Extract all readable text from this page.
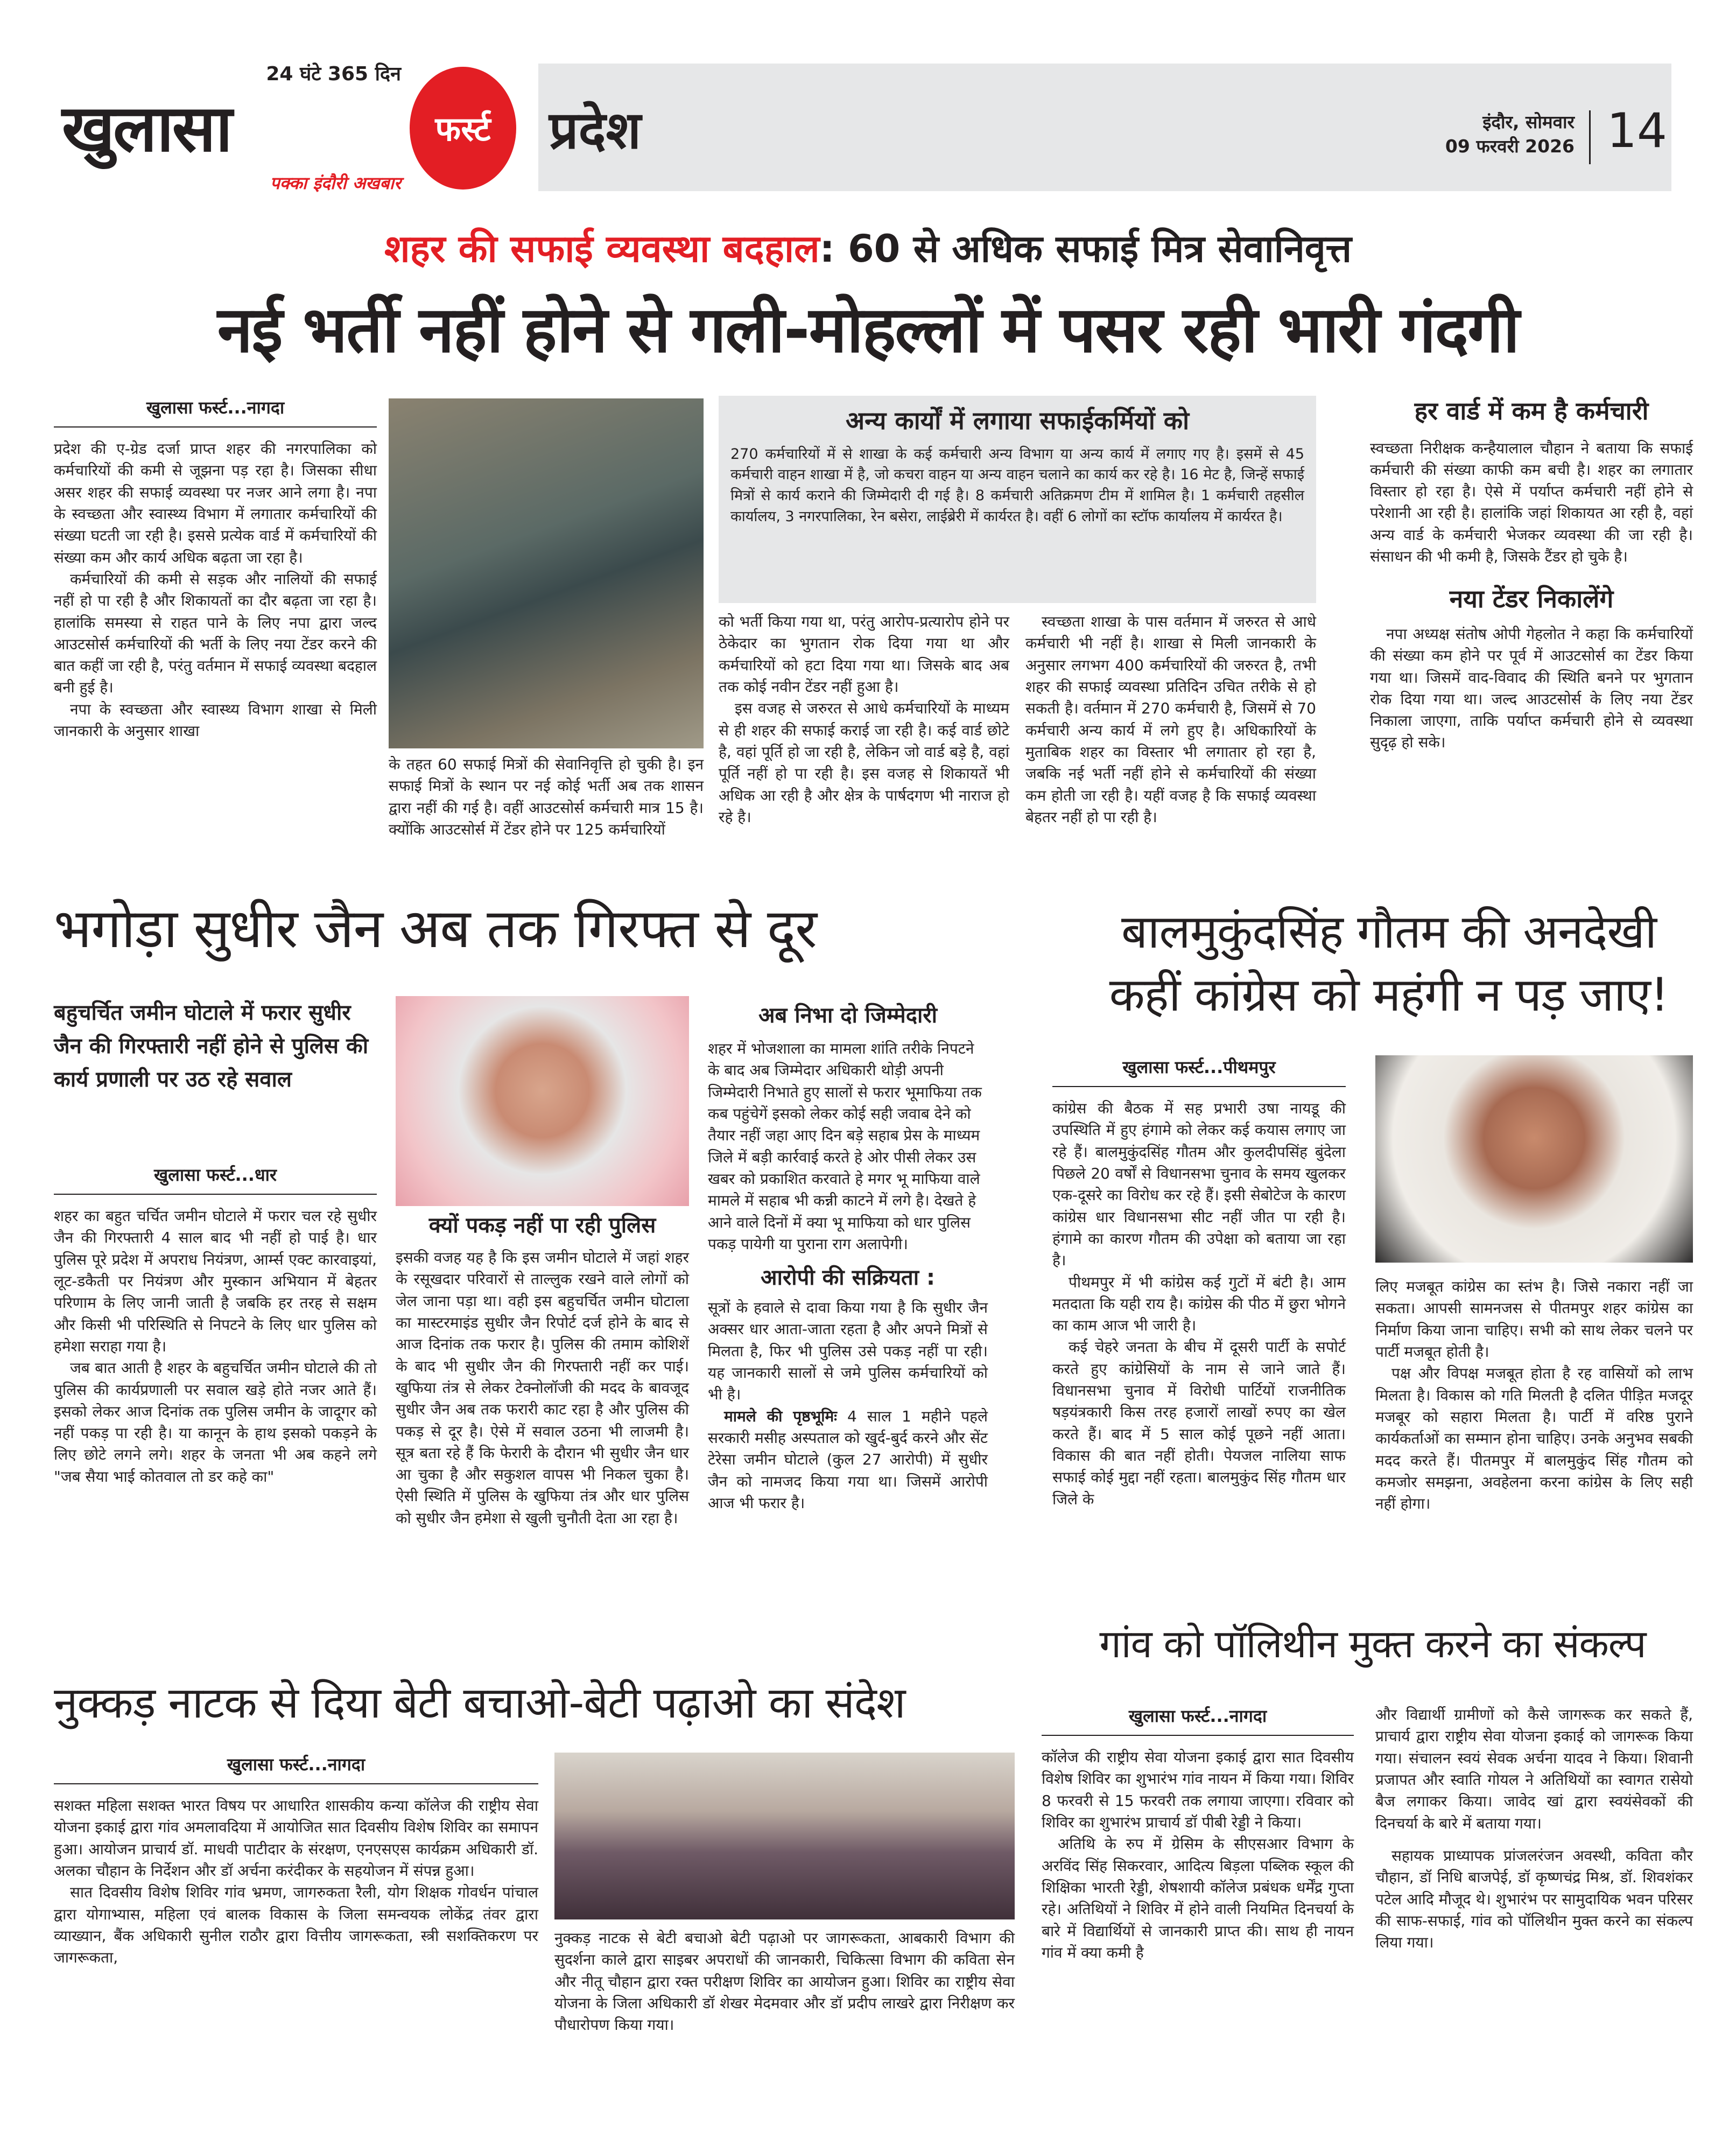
24 घंटे 365 दिन
खुलासा
पक्का इंदौरी अखबार
फर्स्ट प्रदेश	इंदौर, सोमवार
09 फरवरी 2026 14
शहर की सफाई व्यवस्था बदहाल: 60 से अधिक सफाई मित्र सेवानिवृत्त
नई भर्ती नहीं होने से गली-मोहल्लों में पसर रही भारी गंदगी
खुलासा फर्स्ट...नागदा

प्रदेश की ए-ग्रेड दर्जा प्राप्त शहर की नगरपालिका को कर्मचारियों की कमी से जूझना पड़ रहा है। जिसका सीधा असर शहर की सफाई व्यवस्था पर नजर आने लगा है। नपा के स्वच्छता और स्वास्थ्य विभाग में लगातार कर्मचारियों की संख्या घटती जा रही है। इससे प्रत्येक वार्ड में कर्मचारियों की संख्या कम और कार्य अधिक बढ़ता जा रहा है।

कर्मचारियों की कमी से सड़क और नालियों की सफाई नहीं हो पा रही है और शिकायतों का दौर बढ़ता जा रहा है। हालांकि समस्या से राहत पाने के लिए नपा द्वारा जल्द आउटसोर्स कर्मचारियों की भर्ती के लिए नया टेंडर करने की बात कहीं जा रही है, परंतु वर्तमान में सफाई व्यवस्था बदहाल बनी हुई है।

नपा के स्वच्छता और स्वास्थ्य विभाग शाखा से मिली जानकारी के अनुसार शाखा

के तहत 60 सफाई मित्रों की सेवानिवृत्ति हो चुकी है। इन सफाई मित्रों के स्थान पर नई कोई भर्ती अब तक शासन द्वारा नहीं की गई है। वहीं आउटसोर्स कर्मचारी मात्र 15 है। क्योंकि आउटसोर्स में टेंडर होने पर 125 कर्मचारियों

अन्य कार्यों में लगाया सफाईकर्मियों को
270 कर्मचारियों में से शाखा के कई कर्मचारी अन्य विभाग या अन्य कार्य में लगाए गए है। इसमें से 45 कर्मचारी वाहन शाखा में है, जो कचरा वाहन या अन्य वाहन चलाने का कार्य कर रहे है। 16 मेट है, जिन्हें सफाई मित्रों से कार्य कराने की जिम्मेदारी दी गई है। 8 कर्मचारी अतिक्रमण टीम में शामिल है। 1 कर्मचारी तहसील कार्यालय, 3 नगरपालिका, रेन बसेरा, लाईब्रेरी में कार्यरत है। वहीं 6 लोगों का स्टॉफ कार्यालय में कार्यरत है।

को भर्ती किया गया था, परंतु आरोप-प्रत्यारोप होने पर ठेकेदार का भुगतान रोक दिया गया था और कर्मचारियों को हटा दिया गया था। जिसके बाद अब तक कोई नवीन टेंडर नहीं हुआ है।

इस वजह से जरुरत से आधे कर्मचारियों के माध्यम से ही शहर की सफाई कराई जा रही है। कई वार्ड छोटे है, वहां पूर्ति हो जा रही है, लेकिन जो वार्ड बड़े है, वहां पूर्ति नहीं हो पा रही है। इस वजह से शिकायतें भी अधिक आ रही है और क्षेत्र के पार्षदगण भी नाराज हो रहे है।

स्वच्छता शाखा के पास वर्तमान में जरुरत से आधे कर्मचारी भी नहीं है। शाखा से मिली जानकारी के अनुसार लगभग 400 कर्मचारियों की जरुरत है, तभी शहर की सफाई व्यवस्था प्रतिदिन उचित तरीके से हो सकती है। वर्तमान में 270 कर्मचारी है, जिसमें से 70 कर्मचारी अन्य कार्य में लगे हुए है। अधिकारियों के मुताबिक शहर का विस्तार भी लगातार हो रहा है, जबकि नई भर्ती नहीं होने से कर्मचारियों की संख्या कम होती जा रही है। यहीं वजह है कि सफाई व्यवस्था बेहतर नहीं हो पा रही है।

हर वार्ड में कम है कर्मचारी
स्वच्छता निरीक्षक कन्हैयालाल चौहान ने बताया कि सफाई कर्मचारी की संख्या काफी कम बची है। शहर का लगातार विस्तार हो रहा है। ऐसे में पर्याप्त कर्मचारी नहीं होने से परेशानी आ रही है। हालांकि जहां शिकायत आ रही है, वहां अन्य वार्ड के कर्मचारी भेजकर व्यवस्था की जा रही है। संसाधन की भी कमी है, जिसके टैंडर हो चुके है।
नया टेंडर निकालेंगे
नपा अध्यक्ष संतोष ओपी गेहलोत ने कहा कि कर्मचारियों की संख्या कम होने पर पूर्व में आउटसोर्स का टेंडर किया गया था। जिसमें वाद-विवाद की स्थिति बनने पर भुगतान रोक दिया गया था। जल्द आउटसोर्स के लिए नया टेंडर निकाला जाएगा, ताकि पर्याप्त कर्मचारी होने से व्यवस्था सुदृढ़ हो सके।
भगोड़ा सुधीर जैन अब तक गिरफ्त से दूर
बहुचर्चित जमीन घोटाले में फरार सुधीर जैन की गिरफ्तारी नहीं होने से पुलिस की कार्य प्रणाली पर उठ रहे सवाल
खुलासा फर्स्ट...धार

शहर का बहुत चर्चित जमीन घोटाले में फरार चल रहे सुधीर जैन की गिरफ्तारी 4 साल बाद भी नहीं हो पाई है। धार पुलिस पूरे प्रदेश में अपराध नियंत्रण, आर्म्स एक्ट कारवाइयां, लूट-डकैती पर नियंत्रण और मुस्कान अभियान में बेहतर परिणाम के लिए जानी जाती है जबकि हर तरह से सक्षम और किसी भी परिस्थिति से निपटने के लिए धार पुलिस को हमेशा सराहा गया है।

जब बात आती है शहर के बहुचर्चित जमीन घोटाले की तो पुलिस की कार्यप्रणाली पर सवाल खड़े होते नजर आते हैं। इसको लेकर आज दिनांक तक पुलिस जमीन के जादूगर को नहीं पकड़ पा रही है। या कानून के हाथ इसको पकड़ने के लिए छोटे लगने लगे। शहर के जनता भी अब कहने लगे "जब सैया भाई कोतवाल तो डर कहे का"

क्यों पकड़ नहीं पा रही पुलिस
इसकी वजह यह है कि इस जमीन घोटाले में जहां शहर के रसूखदार परिवारों से ताल्लुक रखने वाले लोगों को जेल जाना पड़ा था। वही इस बहुचर्चित जमीन घोटाला का मास्टरमाइंड सुधीर जैन रिपोर्ट दर्ज होने के बाद से आज दिनांक तक फरार है। पुलिस की तमाम कोशिशें के बाद भी सुधीर जैन की गिरफ्तारी नहीं कर पाई। खुफिया तंत्र से लेकर टेक्नोलॉजी की मदद के बावजूद सुधीर जैन अब तक फरारी काट रहा है और पुलिस की पकड़ से दूर है। ऐसे में सवाल उठना भी लाजमी है। सूत्र बता रहे हैं कि फेरारी के दौरान भी सुधीर जैन धार आ चुका है और सकुशल वापस भी निकल चुका है। ऐसी स्थिति में पुलिस के खुफिया तंत्र और धार पुलिस को सुधीर जैन हमेशा से खुली चुनौती देता आ रहा है।
अब निभा दो जिम्मेदारी
शहर में भोजशाला का मामला शांति तरीके निपटने के बाद अब जिम्मेदार अधिकारी थोड़ी अपनी जिम्मेदारी निभाते हुए सालों से फरार भूमाफिया तक कब पहुंचेगें इसको लेकर कोई सही जवाब देने को तैयार नहीं जहा आए दिन बड़े सहाब प्रेस के माध्यम जिले में बड़ी कार्रवाई करते हे ओर पीसी लेकर उस खबर को प्रकाशित करवाते हे मगर भू माफिया वाले मामले में सहाब भी कन्नी काटने में लगे है। देखते हे आने वाले दिनों में क्या भू माफिया को धार पुलिस पकड़ पायेगी या पुराना राग अलापेगी।
आरोपी की सक्रियता :
सूत्रों के हवाले से दावा किया गया है कि सुधीर जैन अक्सर धार आता-जाता रहता है और अपने मित्रों से मिलता है, फिर भी पुलिस उसे पकड़ नहीं पा रही। यह जानकारी सालों से जमे पुलिस कर्मचारियों को भी है।
मामले की पृष्ठभूमिः 4 साल 1 महीने पहले सरकारी मसीह अस्पताल को खुर्द-बुर्द करने और सेंट टेरेसा जमीन घोटाले (कुल 27 आरोपी) में सुधीर जैन को नामजद किया गया था। जिसमें आरोपी आज भी फरार है।
बालमुकुंदसिंह गौतम की अनदेखी
कहीं कांग्रेस को महंगी न पड़ जाए!
खुलासा फर्स्ट...पीथमपुर

कांग्रेस की बैठक में सह प्रभारी उषा नायडू की उपस्थिति में हुए हंगामे को लेकर कई कयास लगाए जा रहे हैं। बालमुकुंदसिंह गौतम और कुलदीपसिंह बुंदेला पिछले 20 वर्षों से विधानसभा चुनाव के समय खुलकर एक-दूसरे का विरोध कर रहे हैं। इसी सेबोटेज के कारण कांग्रेस धार विधानसभा सीट नहीं जीत पा रही है। हंगामे का कारण गौतम की उपेक्षा को बताया जा रहा है।

पीथमपुर में भी कांग्रेस कई गुटों में बंटी है। आम मतदाता कि यही राय है। कांग्रेस की पीठ में छुरा भोगने का काम आज भी जारी है।

कई चेहरे जनता के बीच में दूसरी पार्टी के सपोर्ट करते हुए कांग्रेसियों के नाम से जाने जाते हैं। विधानसभा चुनाव में विरोधी पार्टियों राजनीतिक षड़यंत्रकारी किस तरह हजारों लाखों रुपए का खेल करते हैं। बाद में 5 साल कोई पूछने नहीं आता। विकास की बात नहीं होती। पेयजल नालिया साफ सफाई कोई मुद्दा नहीं रहता। बालमुकुंद सिंह गौतम धार जिले के

लिए मजबूत कांग्रेस का स्तंभ है। जिसे नकारा नहीं जा सकता। आपसी सामनजस से पीतमपुर शहर कांग्रेस का निर्माण किया जाना चाहिए। सभी को साथ लेकर चलने पर पार्टी मजबूत होती है।

पक्ष और विपक्ष मजबूत होता है रह वासियों को लाभ मिलता है। विकास को गति मिलती है दलित पीड़ित मजदूर मजबूर को सहारा मिलता है। पार्टी में वरिष्ठ पुराने कार्यकर्ताओं का सम्मान होना चाहिए। उनके अनुभव सबकी मदद करते हैं। पीतमपुर में बालमुकुंद सिंह गौतम को कमजोर समझना, अवहेलना करना कांग्रेस के लिए सही नहीं होगा।

नुक्कड़ नाटक से दिया बेटी बचाओ-बेटी पढ़ाओ का संदेश
खुलासा फर्स्ट...नागदा

सशक्त महिला सशक्त भारत विषय पर आधारित शासकीय कन्या कॉलेज की राष्ट्रीय सेवा योजना इकाई द्वारा गांव अमलावदिया में आयोजित सात दिवसीय विशेष शिविर का समापन हुआ। आयोजन प्राचार्य डॉ. माधवी पाटीदार के संरक्षण, एनएसएस कार्यक्रम अधिकारी डॉ. अलका चौहान के निर्देशन और डॉ अर्चना करंदीकर के सहयोजन में संपन्न हुआ।

सात दिवसीय विशेष शिविर गांव भ्रमण, जागरुकता रैली, योग शिक्षक गोवर्धन पांचाल द्वारा योगाभ्यास, महिला एवं बालक विकास के जिला समन्वयक लोकेंद्र तंवर द्वारा व्याख्यान, बैंक अधिकारी सुनील राठौर द्वारा वित्तीय जागरूकता, स्त्री सशक्तिकरण पर जागरूकता,

नुक्कड़ नाटक से बेटी बचाओ बेटी पढ़ाओ पर जागरूकता, आबकारी विभाग की सुदर्शना काले द्वारा साइबर अपराधों की जानकारी, चिकित्सा विभाग की कविता सेन और नीतू चौहान द्वारा रक्त परीक्षण शिविर का आयोजन हुआ। शिविर का राष्ट्रीय सेवा योजना के जिला अधिकारी डॉ शेखर मेदमवार और डॉ प्रदीप लाखरे द्वारा निरीक्षण कर पौधारोपण किया गया।

गांव को पॉलिथीन मुक्त करने का संकल्प
खुलासा फर्स्ट...नागदा

कॉलेज की राष्ट्रीय सेवा योजना इकाई द्वारा सात दिवसीय विशेष शिविर का शुभारंभ गांव नायन में किया गया। शिविर 8 फरवरी से 15 फरवरी तक लगाया जाएगा। रविवार को शिविर का शुभारंभ प्राचार्य डॉ पीबी रेड्डी ने किया।

अतिथि के रुप में ग्रेसिम के सीएसआर विभाग के अरविंद सिंह सिकरवार, आदित्य बिड़ला पब्लिक स्कूल की शिक्षिका भारती रेड्डी, शेषशायी कॉलेज प्रबंधक धर्मेंद्र गुप्ता रहे। अतिथियों ने शिविर में होने वाली नियमित दिनचर्या के बारे में विद्यार्थियों से जानकारी प्राप्त की। साथ ही नायन गांव में क्या कमी है

और विद्यार्थी ग्रामीणों को कैसे जागरूक कर सकते हैं, प्राचार्य द्वारा राष्ट्रीय सेवा योजना इकाई को जागरूक किया गया। संचालन स्वयं सेवक अर्चना यादव ने किया। शिवानी प्रजापत और स्वाति गोयल ने अतिथियों का स्वागत रासेयो बैज लगाकर किया। जावेद खां द्वारा स्वयंसेवकों की दिनचर्या के बारे में बताया गया।

सहायक प्राध्यापक प्रांजलरंजन अवस्थी, कविता कौर चौहान, डॉ निधि बाजपेई, डॉ कृष्णचंद्र मिश्र, डॉ. शिवशंकर पटेल आदि मौजूद थे। शुभारंभ पर सामुदायिक भवन परिसर की साफ-सफाई, गांव को पॉलिथीन मुक्त करने का संकल्प लिया गया।
